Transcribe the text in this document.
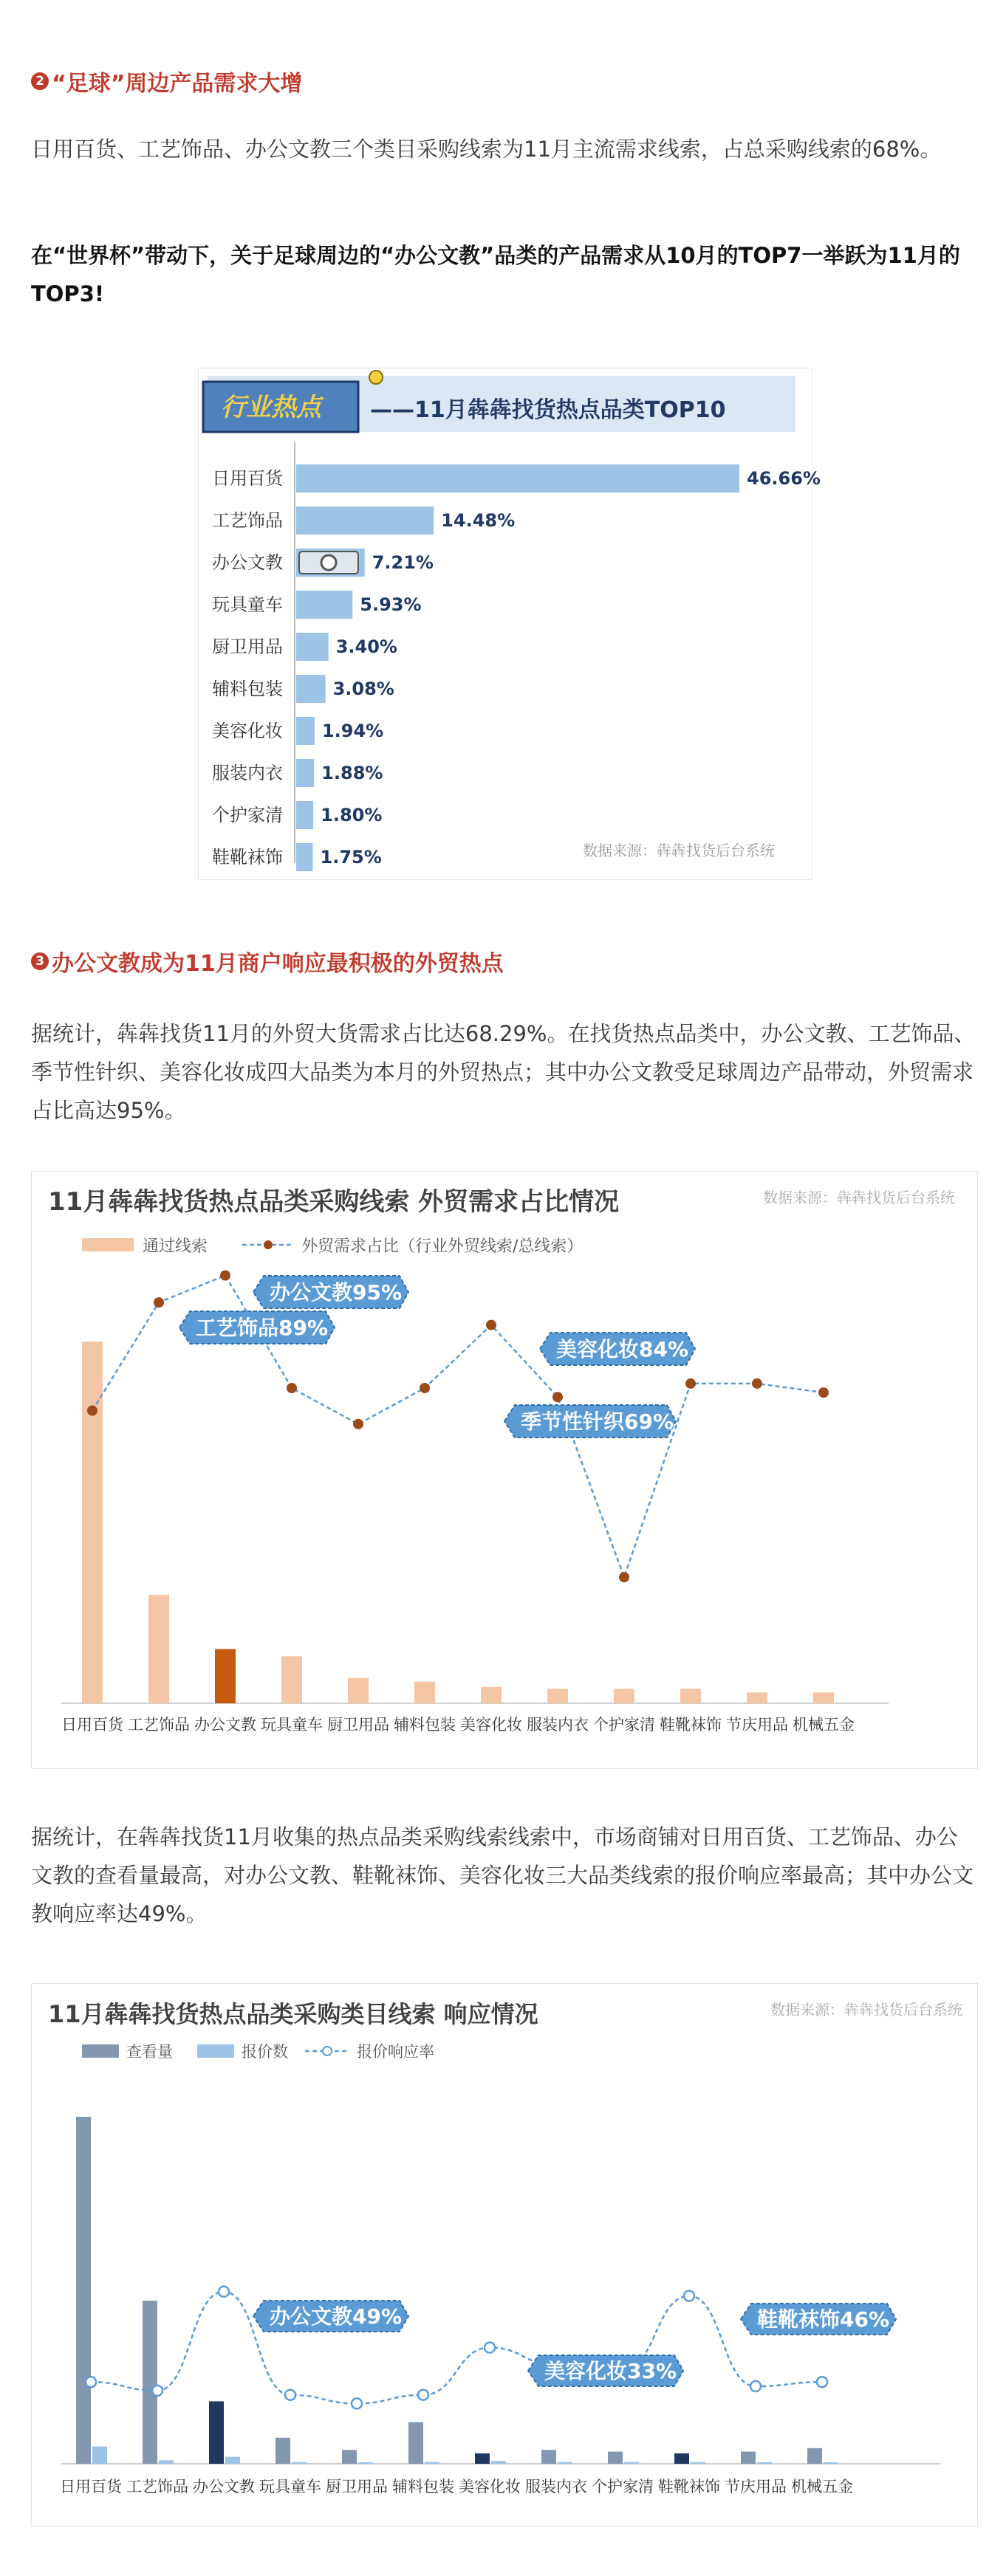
2 “足球”周边产品需求大增
日用百货、工艺饰品、办公文教三个类目采购线索为11月主流需求线索，占总采购线索的68%。
在“世界杯”带动下，关于足球周边的“办公文教”品类的产品需求从10月的TOP7一举跃为11月的TOP3!
行业热点 ——11月犇犇找货热点品类TOP10
日用百货	46.66%
工艺饰品	14.48%
办公文教	7.21%
玩具童车	5.93%
厨卫用品	3.40%
辅料包装	3.08%
美容化妆 1.94%
服装内衣 1.88%
个护家清 1.80%
鞋靴袜饰 1.75%	数据来源：犇犇找货后台系统
3 办公文教成为11月商户响应最积极的外贸热点
据统计，犇犇找货11月的外贸大货需求占比达68.29%。在找货热点品类中，办公文教、工艺饰品、季节性针织、美容化妆成四大品类为本月的外贸热点；其中办公文教受足球周边产品带动，外贸需求占比高达95%。
11月犇犇找货热点品类采购线索 外贸需求占比情况	数据来源：犇犇找货后台系统
通过线索	外贸需求占比（行业外贸线索/总线索）
日用百货 工艺饰品 办公文教 玩具童车 厨卫用品 辅料包装 美容化妆 服装内衣 个护家清 鞋靴袜饰 节庆用品 机械五金
办公文教95%
工艺饰品89%
美容化妆84%
季节性针织69%
据统计，在犇犇找货11月收集的热点品类采购线索线索中，市场商铺对日用百货、工艺饰品、办公文教的查看量最高，对办公文教、鞋靴袜饰、美容化妆三大品类线索的报价响应率最高；其中办公文教响应率达49%。
11月犇犇找货热点品类采购类目线索 响应情况	数据来源：犇犇找货后台系统
查看量	报价数	报价响应率
日用百货 工艺饰品 办公文教 玩具童车 厨卫用品 辅料包装 美容化妆 服装内衣 个护家清 鞋靴袜饰 节庆用品 机械五金
办公文教49%
美容化妆33%
鞋靴袜饰46%
